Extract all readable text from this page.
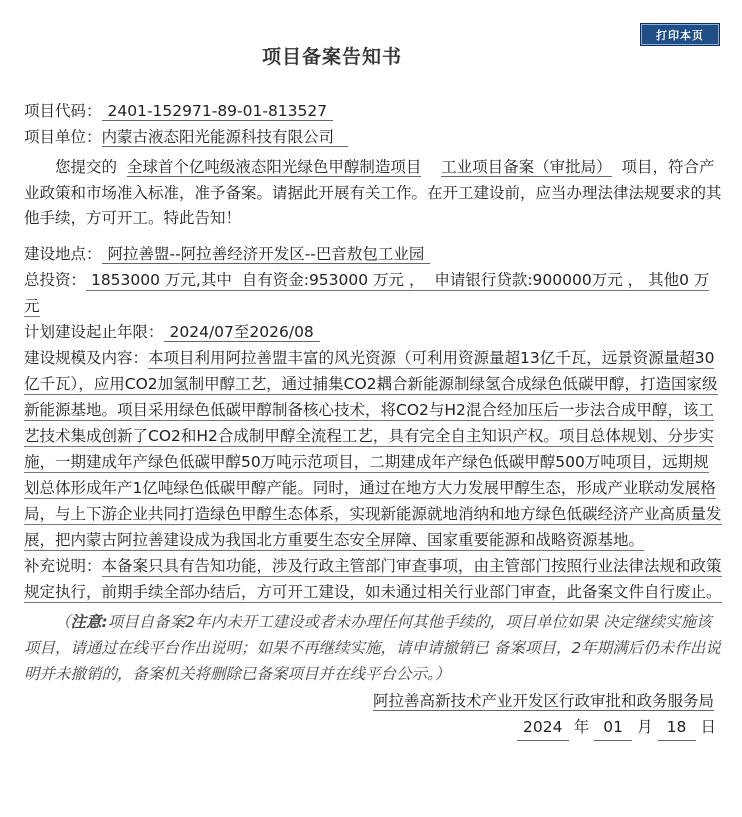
打印本页
项目备案告知书
项目代码： 2401-152971-89-01-813527
项目单位：内蒙古液态阳光能源科技有限公司
您提交的 全球首个亿吨级液态阳光绿色甲醇制造项目 工业项目备案（审批局） 项目，符合产业政策和市场准入标准，准予备案。请据此开展有关工作。在开工建设前，应当办理法律法规要求的其他手续，方可开工。特此告知！
建设地点： 阿拉善盟--阿拉善经济开发区--巴音敖包工业园
总投资： 1853000 万元,其中 自有资金:953000 万元 ， 申请银行贷款:900000万元 ， 其他0 万元
计划建设起止年限： 2024/07至2026/08
建设规模及内容：本项目利用阿拉善盟丰富的风光资源（可利用资源量超13亿千瓦，远景资源量超30亿千瓦），应用CO2加氢制甲醇工艺，通过捕集CO2耦合新能源制绿氢合成绿色低碳甲醇，打造国家级新能源基地。项目采用绿色低碳甲醇制备核心技术，将CO2与H2混合经加压后一步法合成甲醇，该工艺技术集成创新了CO2和H2合成制甲醇全流程工艺，具有完全自主知识产权。项目总体规划、分步实施，一期建成年产绿色低碳甲醇50万吨示范项目，二期建成年产绿色低碳甲醇500万吨项目，远期规划总体形成年产1亿吨绿色低碳甲醇产能。同时，通过在地方大力发展甲醇生态，形成产业联动发展格局，与上下游企业共同打造绿色甲醇生态体系，实现新能源就地消纳和地方绿色低碳经济产业高质量发展，把内蒙古阿拉善建设成为我国北方重要生态安全屏障、国家重要能源和战略资源基地。
补充说明：本备案只具有告知功能，涉及行政主管部门审查事项，由主管部门按照行业法律法规和政策规定执行，前期手续全部办结后，方可开工建设，如未通过相关行业部门审查，此备案文件自行废止。
（注意:项目自备案2年内未开工建设或者未办理任何其他手续的，项目单位如果 决定继续实施该项目，请通过在线平台作出说明；如果不再继续实施，请申请撤销已 备案项目，2年期满后仍未作出说明并未撤销的，备案机关将删除已备案项目并在线平台公示。）
阿拉善高新技术产业开发区行政审批和政务服务局
2024 年 01 月 18 日
